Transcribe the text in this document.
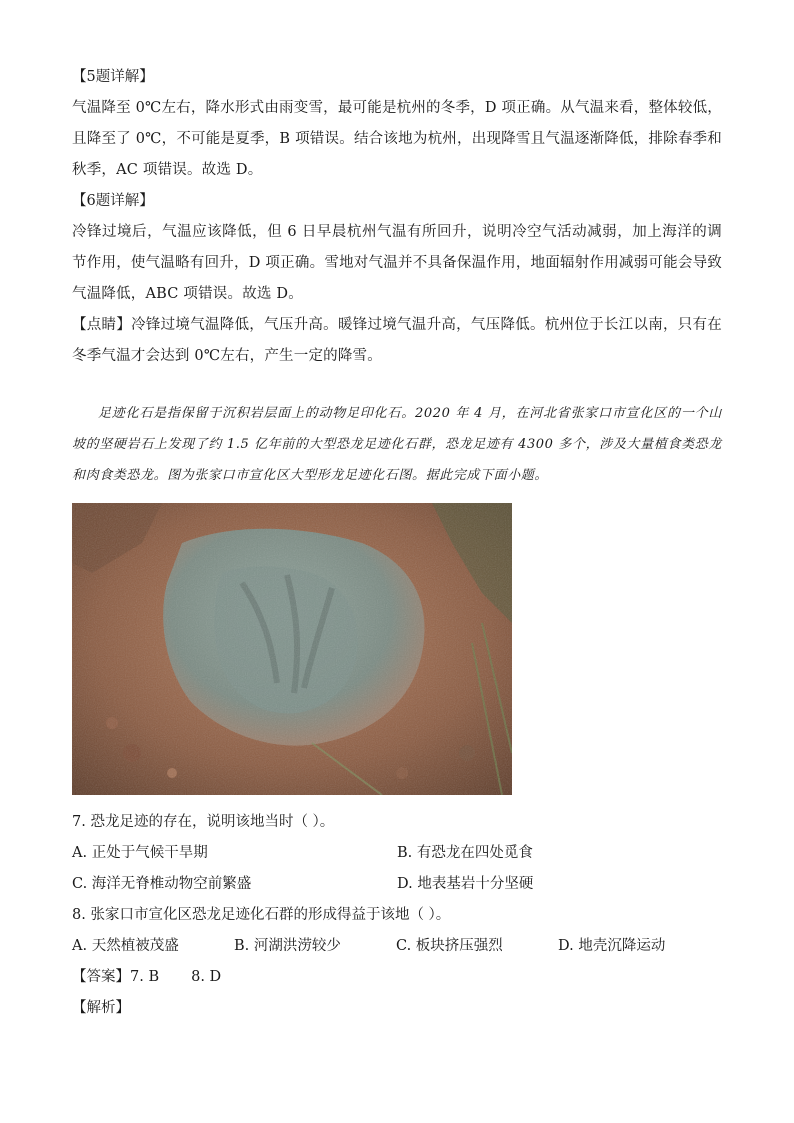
【5题详解】

气温降至 0℃左右，降水形式由雨变雪，最可能是杭州的冬季，D 项正确。从气温来看，整体较低，且降至了 0℃，不可能是夏季，B 项错误。结合该地为杭州，出现降雪且气温逐渐降低，排除春季和秋季，AC 项错误。故选 D。

【6题详解】

冷锋过境后，气温应该降低，但 6 日早晨杭州气温有所回升，说明冷空气活动减弱，加上海洋的调节作用，使气温略有回升，D 项正确。雪地对气温并不具备保温作用，地面辐射作用减弱可能会导致气温降低，ABC 项错误。故选 D。

【点睛】冷锋过境气温降低，气压升高。暖锋过境气温升高，气压降低。杭州位于长江以南，只有在冬季气温才会达到 0℃左右，产生一定的降雪。

足迹化石是指保留于沉积岩层面上的动物足印化石。2020 年 4 月，在河北省张家口市宣化区的一个山坡的坚硬岩石上发现了约 1.5 亿年前的大型恐龙足迹化石群，恐龙足迹有 4300 多个，涉及大量植食类恐龙和肉食类恐龙。图为张家口市宣化区大型形龙足迹化石图。据此完成下面小题。

7. 恐龙足迹的存在，说明该地当时（ ）。

A. 正处于气候干旱期	B. 有恐龙在四处觅食
C. 海洋无脊椎动物空前繁盛	D. 地表基岩十分坚硬

8. 张家口市宣化区恐龙足迹化石群的形成得益于该地（ ）。

A. 天然植被茂盛	B. 河湖洪涝较少	C. 板块挤压强烈	D. 地壳沉降运动

【答案】7. B 8. D

【解析】
